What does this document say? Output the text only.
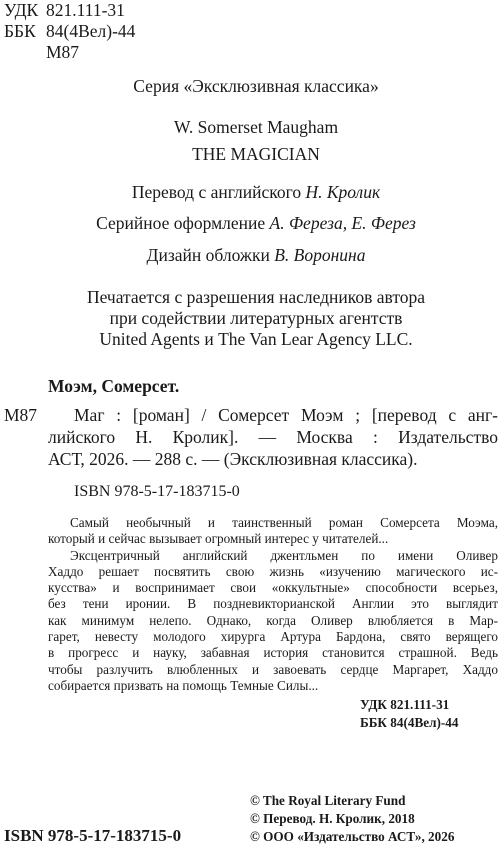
УДК 821.111-31
ББК 84(4Вел)-44
М87
Серия «Эксклюзивная классика»
W. Somerset Maugham
THE MAGICIAN
Перевод с английского Н. Кролик
Серийное оформление А. Фереза, Е. Ферез
Дизайн обложки В. Воронина
Печатается с разрешения наследников автора
при содействии литературных агентств
United Agents и The Van Lear Agency LLC.
Моэм, Сомерсет.
М87	Маг : [роман] / Сомерсет Моэм ; [перевод с анг-
лийского Н. Кролик]. — Москва : Издательство
АСТ, 2026. — 288 с. — (Эксклюзивная классика).
ISBN 978-5-17-183715-0
Самый необычный и таинственный роман Сомерсета Моэма,
который и сейчас вызывает огромный интерес у читателей...
Эксцентричный английский джентльмен по имени Оливер
Хаддо решает посвятить свою жизнь «изучению магического ис-
кусства» и воспринимает свои «оккультные» способности всерьез,
без тени иронии. В поздневикторианской Англии это выглядит
как минимум нелепо. Однако, когда Оливер влюбляется в Мар-
гарет, невесту молодого хирурга Артура Бардона, свято верящего
в прогресс и науку, забавная история становится страшной. Ведь
чтобы разлучить влюбленных и завоевать сердце Маргарет, Хаддо
собирается призвать на помощь Темные Силы...
УДК 821.111-31
ББК 84(4Вел)-44
© The Royal Literary Fund
© Перевод. Н. Кролик, 2018
© ООО «Издательство АСТ», 2026
ISBN 978-5-17-183715-0
